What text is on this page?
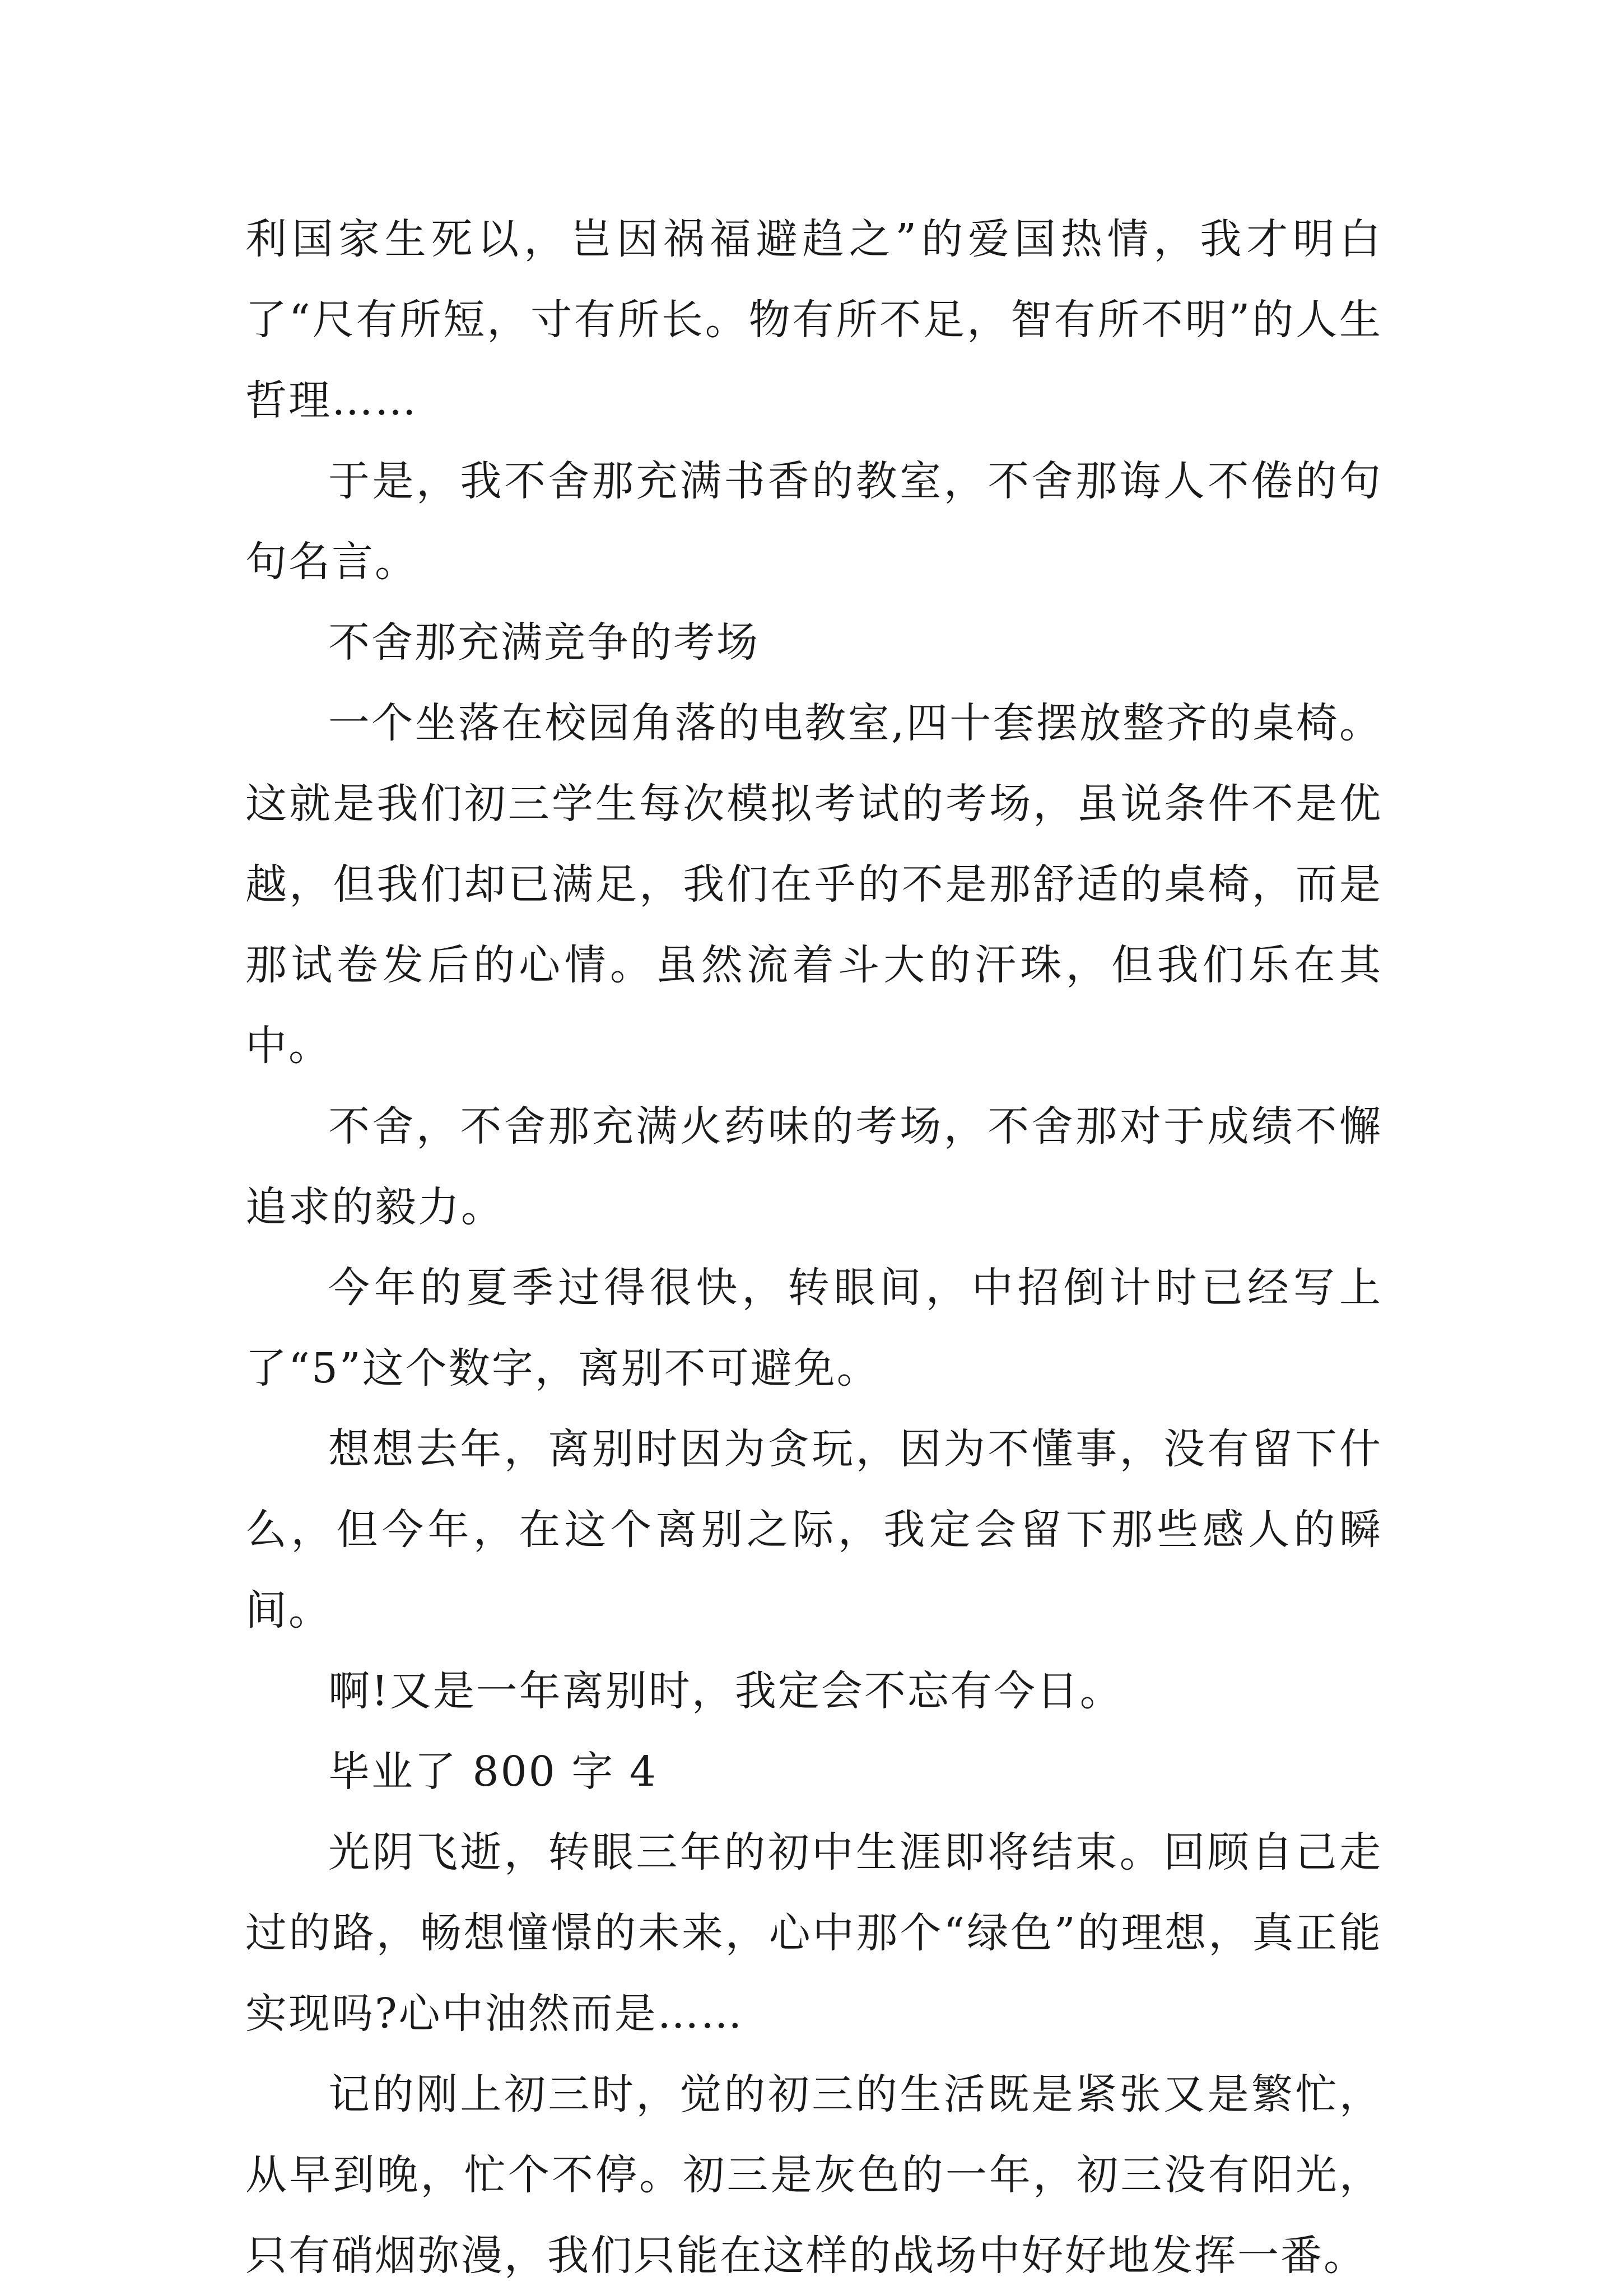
利国家生死以，岂因祸福避趋之”的爱国热情，我才明白了“尺有所短，寸有所长。物有所不足，智有所不明”的人生哲理……

于是，我不舍那充满书香的教室，不舍那诲人不倦的句句名言。

不舍那充满竞争的考场

一个坐落在校园角落的电教室,四十套摆放整齐的桌椅。这就是我们初三学生每次模拟考试的考场，虽说条件不是优越，但我们却已满足，我们在乎的不是那舒适的桌椅，而是那试卷发后的心情。虽然流着斗大的汗珠，但我们乐在其中。

不舍，不舍那充满火药味的考场，不舍那对于成绩不懈追求的毅力。

今年的夏季过得很快，转眼间，中招倒计时已经写上了“5”这个数字，离别不可避免。

想想去年，离别时因为贪玩，因为不懂事，没有留下什么，但今年，在这个离别之际，我定会留下那些感人的瞬间。

啊!又是一年离别时，我定会不忘有今日。

毕业了 800 字 4

光阴飞逝，转眼三年的初中生涯即将结束。回顾自己走过的路，畅想憧憬的未来，心中那个“绿色”的理想，真正能实现吗?心中油然而是……

记的刚上初三时，觉的初三的生活既是紧张又是繁忙，从早到晚，忙个不停。初三是灰色的一年，初三没有阳光，只有硝烟弥漫，我们只能在这样的战场中好好地发挥一番。
